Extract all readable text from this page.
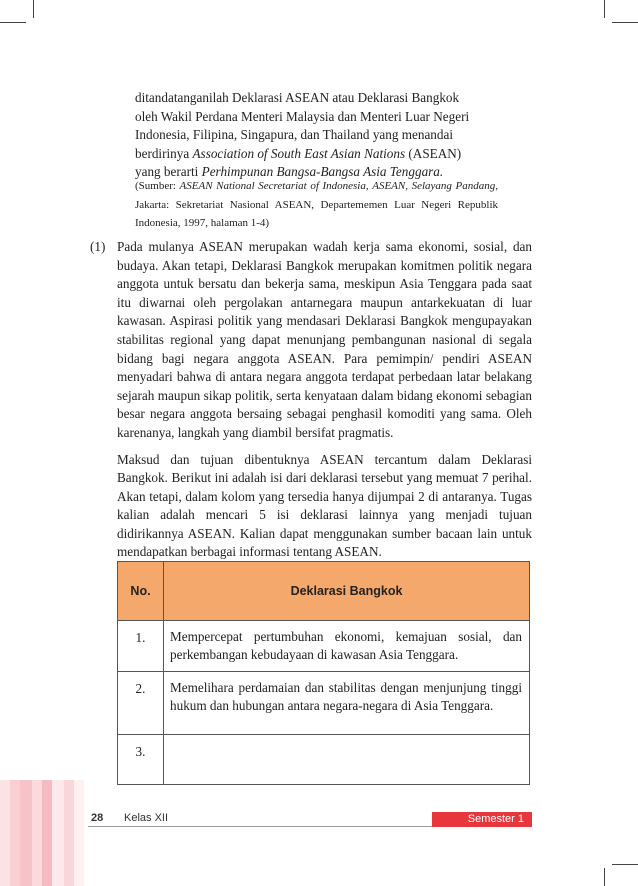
ditandatanganilah Deklarasi ASEAN atau Deklarasi Bangkok
oleh Wakil Perdana Menteri Malaysia dan Menteri Luar Negeri
Indonesia, Filipina, Singapura, dan Thailand yang menandai
berdirinya Association of South East Asian Nations (ASEAN)
yang berarti Perhimpunan Bangsa-Bangsa Asia Tenggara.
(Sumber: ASEAN National Secretariat of Indonesia, ASEAN, Selayang Pandang, Jakarta: Sekretariat Nasional ASEAN, Departememen Luar Negeri Republik Indonesia, 1997, halaman 1-4)
(1) Pada mulanya ASEAN merupakan wadah kerja sama ekonomi, sosial, dan budaya. Akan tetapi, Deklarasi Bangkok merupakan komitmen politik negara anggota untuk bersatu dan bekerja sama, meskipun Asia Tenggara pada saat itu diwarnai oleh pergolakan antarnegara maupun antarkekuatan di luar kawasan. Aspirasi politik yang mendasari Deklarasi Bangkok mengupayakan stabilitas regional yang dapat menunjang pembangunan nasional di segala bidang bagi negara anggota ASEAN. Para pemimpin/ pendiri ASEAN menyadari bahwa di antara negara anggota terdapat perbedaan latar belakang sejarah maupun sikap politik, serta kenyataan dalam bidang ekonomi sebagian besar negara anggota bersaing sebagai penghasil komoditi yang sama. Oleh karenanya, langkah yang diambil bersifat pragmatis.
Maksud dan tujuan dibentuknya ASEAN tercantum dalam Deklarasi Bangkok. Berikut ini adalah isi dari deklarasi tersebut yang memuat 7 perihal. Akan tetapi, dalam kolom yang tersedia hanya dijumpai 2 di antaranya. Tugas kalian adalah mencari 5 isi deklarasi lainnya yang menjadi tujuan didirikannya ASEAN. Kalian dapat menggunakan sumber bacaan lain untuk mendapatkan berbagai informasi tentang ASEAN.
No.	Deklarasi Bangkok
1.	Mempercepat pertumbuhan ekonomi, kemajuan sosial, dan perkembangan kebudayaan di kawasan Asia Tenggara.
2.	Memelihara perdamaian dan stabilitas dengan menjunjung tinggi hukum dan hubungan antara negara-negara di Asia Tenggara.
3.	
28 Kelas XII	Semester 1
